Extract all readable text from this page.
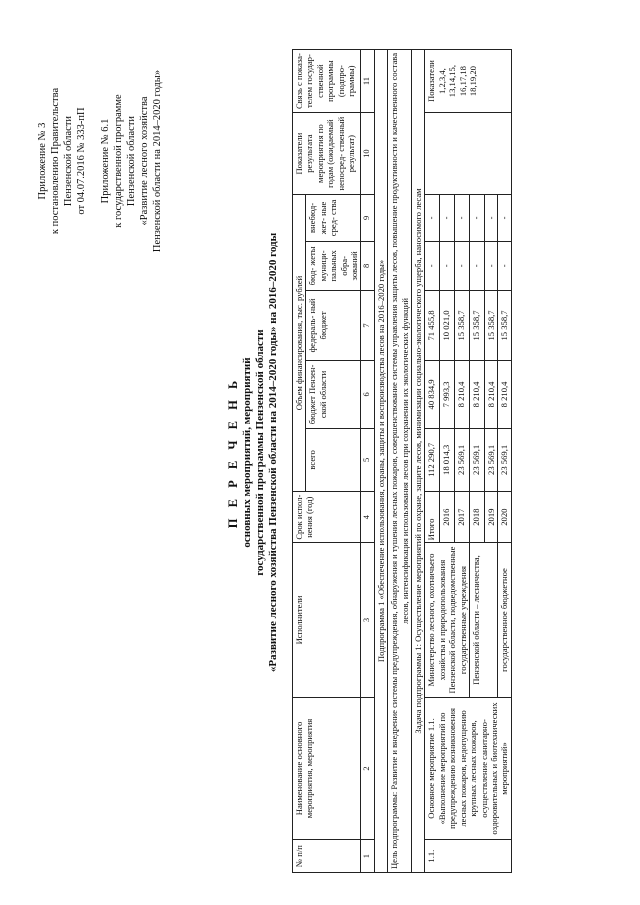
Приложение № 3 к постановлению Правительства Пензенской области от 04.07.2016 № 333-пП Приложение № 6.1 к государственной программе Пензенской области «Развитие лесного хозяйства Пензенской области на 2014–2020 годы»
П Е Р Е Ч Е Н Ь основных мероприятий, мероприятий государственной программы Пензенской области «Развитие лесного хозяйства Пензенской области на 2014–2020 годы» на 2016–2020 годы
№ п/п	Наименование основного мероприятия, мероприятия	Исполнители	Срок испол- нения (год)	Объем финансирования, тыс. рублей					Показатели результата мероприятия по годам (ожидаемый непосред- ственный результат)	Связь с показа- телем государ- ственной программы (подпро- граммы)
				всего	бюджет Пензен- ской области	федераль- ный бюджет	бюд- жеты муници- пальных обра- зований	внебюд- жет- ные сред- ства		
1	2	3	4	5	6	7	8	9	10	11
Подпрограмма 1 «Обеспечение использования, охраны, защиты и воспроизводства лесов на 2016–2020 годы»										
Цель подпрограммы: Развитие и внедрение системы предупреждения, обнаружения и тушения лесных пожаров, совершенствование системы управления защиты лесов, повышение продуктивности и качественного состава лесов, интенсификация использования лесов при сохранении их экологических функций										
Задача подпрограммы 1: Осуществление мероприятий по охране, защите лесов, минимизации социально-экологического ущерба, наносимого лесам										
1.1.	Основное мероприятие 1.1. «Выполнение мероприятий по предупреждению возникновения лесных пожаров, недопущению крупных лесных пожаров, осуществление санитарно-оздоровительных и биотехнических мероприятий»	Министерство лесного, охотничьего хозяйства и природопользования Пензенской области, подведомственные государственные учреждения	Итого	112 290,7	40 834,9	71 455,8	-	-		Показатели 1,2,3,4, 13,14,15, 16,17,18 18,19,20
			2016	18 014,3	7 993,3	10 021,0	-	-		
			2017	23 569,1	8 210,4	15 358,7	-	-		
		Пензенской области – лесничества,	2018	23 569,1	8 210,4	15 358,7	-	-		
			2019	23 569,1	8 210,4	15 358,7	-	-		
		государственное бюджетное	2020	23 569,1	8 210,4	15 358,7	-	-		
